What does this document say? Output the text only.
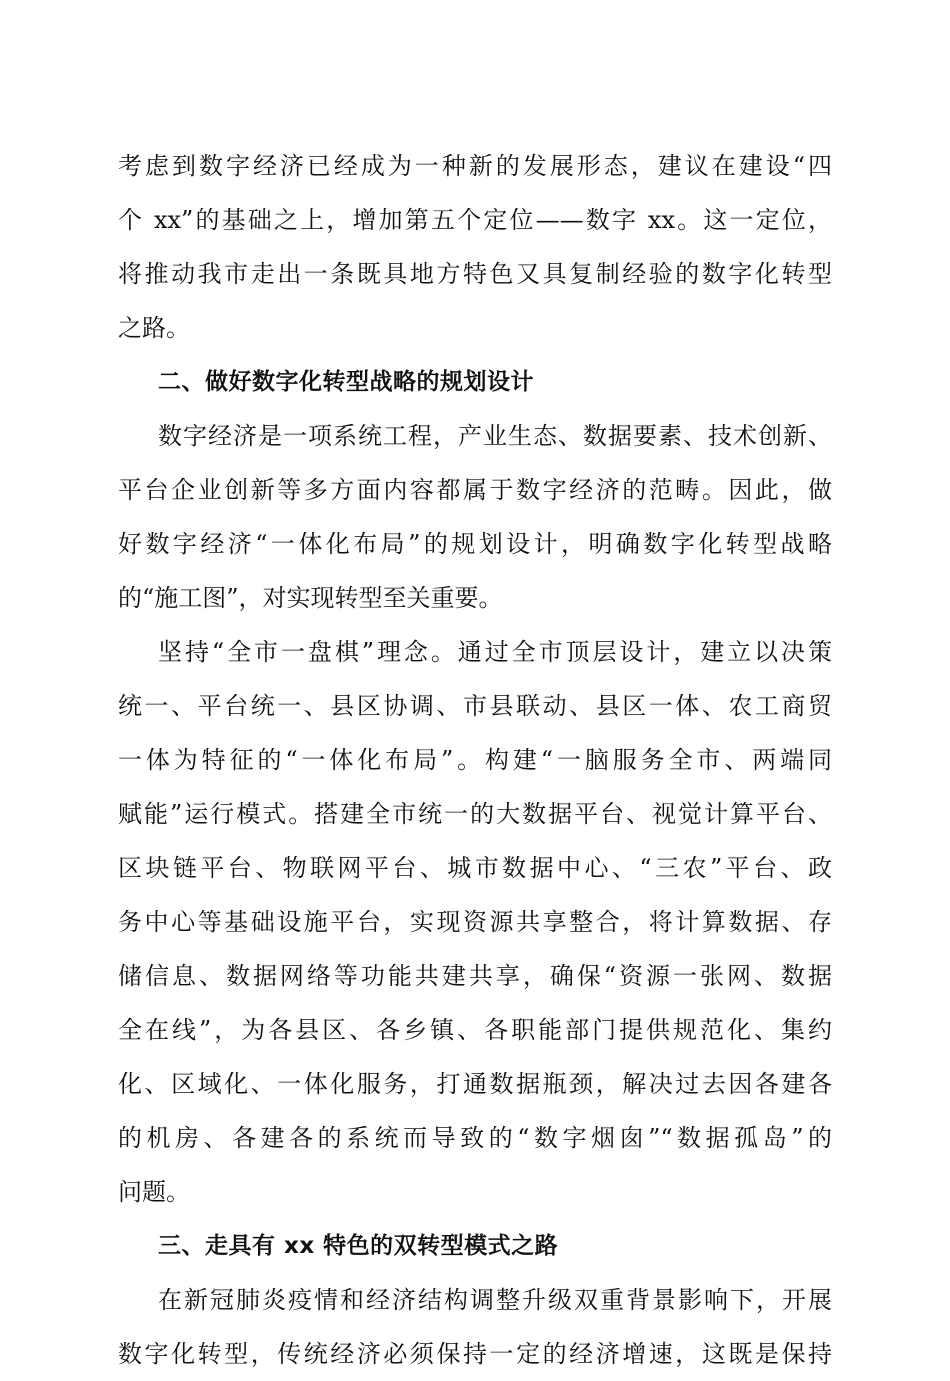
考虑到数字经济已经成为一种新的发展形态，建议在建设“四
个 xx”的基础之上，增加第五个定位——数字 xx。这一定位，
将推动我市走出一条既具地方特色又具复制经验的数字化转型
之路。
二、做好数字化转型战略的规划设计
数字经济是一项系统工程，产业生态、数据要素、技术创新、
平台企业创新等多方面内容都属于数字经济的范畴。因此，做
好数字经济“一体化布局”的规划设计，明确数字化转型战略
的“施工图”，对实现转型至关重要。
坚持“全市一盘棋”理念。通过全市顶层设计，建立以决策
统一、平台统一、县区协调、市县联动、县区一体、农工商贸
一体为特征的“一体化布局”。构建“一脑服务全市、两端同
赋能”运行模式。搭建全市统一的大数据平台、视觉计算平台、
区块链平台、物联网平台、城市数据中心、“三农”平台、政
务中心等基础设施平台，实现资源共享整合，将计算数据、存
储信息、数据网络等功能共建共享，确保“资源一张网、数据
全在线”，为各县区、各乡镇、各职能部门提供规范化、集约
化、区域化、一体化服务，打通数据瓶颈，解决过去因各建各
的机房、各建各的系统而导致的“数字烟囱”“数据孤岛”的
问题。
三、走具有 xx 特色的双转型模式之路
在新冠肺炎疫情和经济结构调整升级双重背景影响下，开展
数字化转型，传统经济必须保持一定的经济增速，这既是保持
